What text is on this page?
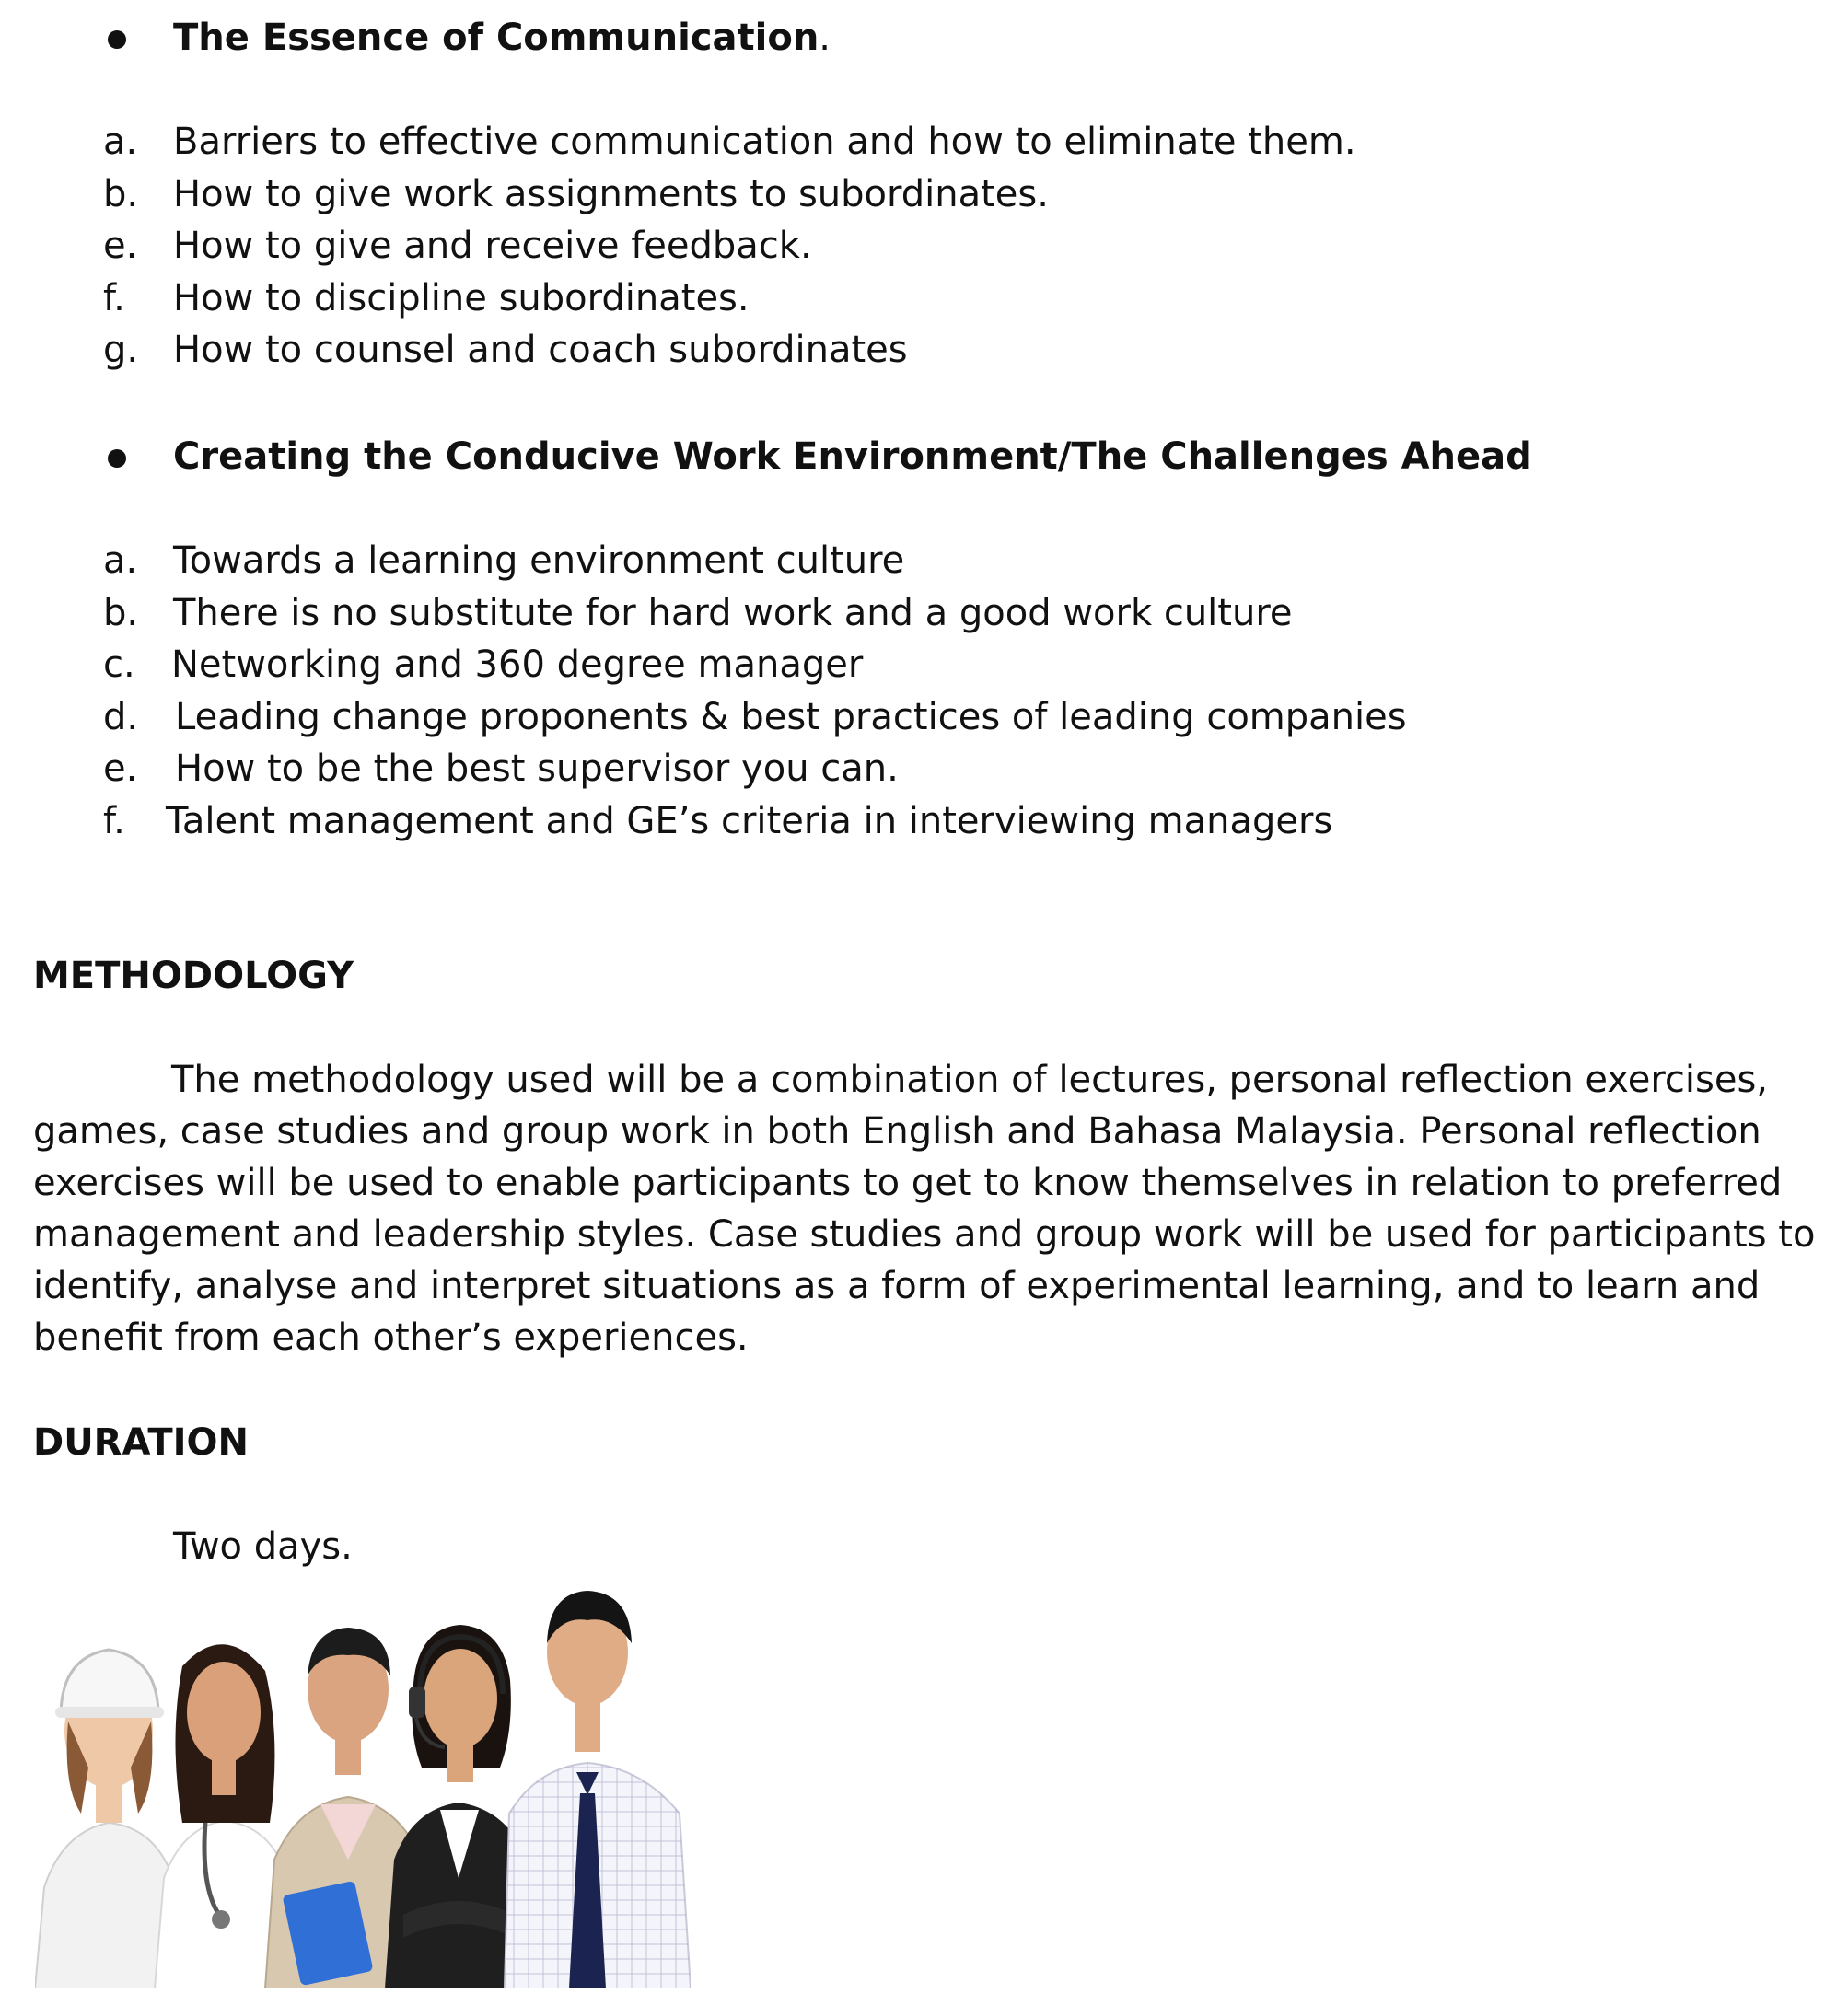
The Essence of Communication.
a. Barriers to effective communication and how to eliminate them.
b. How to give work assignments to subordinates.
e. How to give and receive feedback.
f. How to discipline subordinates.
g. How to counsel and coach subordinates
Creating the Conducive Work Environment/The Challenges Ahead
a. Towards a learning environment culture
b. There is no substitute for hard work and a good work culture
c. Networking and 360 degree manager
d. Leading change proponents & best practices of leading companies
e. How to be the best supervisor you can.
f. Talent management and GE’s criteria in interviewing managers
METHODOLOGY

The methodology used will be a combination of lectures, personal reflection exercises, games, case studies and group work in both English and Bahasa Malaysia. Personal reflection exercises will be used to enable participants to get to know themselves in relation to preferred management and leadership styles. Case studies and group work will be used for participants to identify, analyse and interpret situations as a form of experimental learning, and to learn and benefit from each other’s experiences.

DURATION
Two days.
